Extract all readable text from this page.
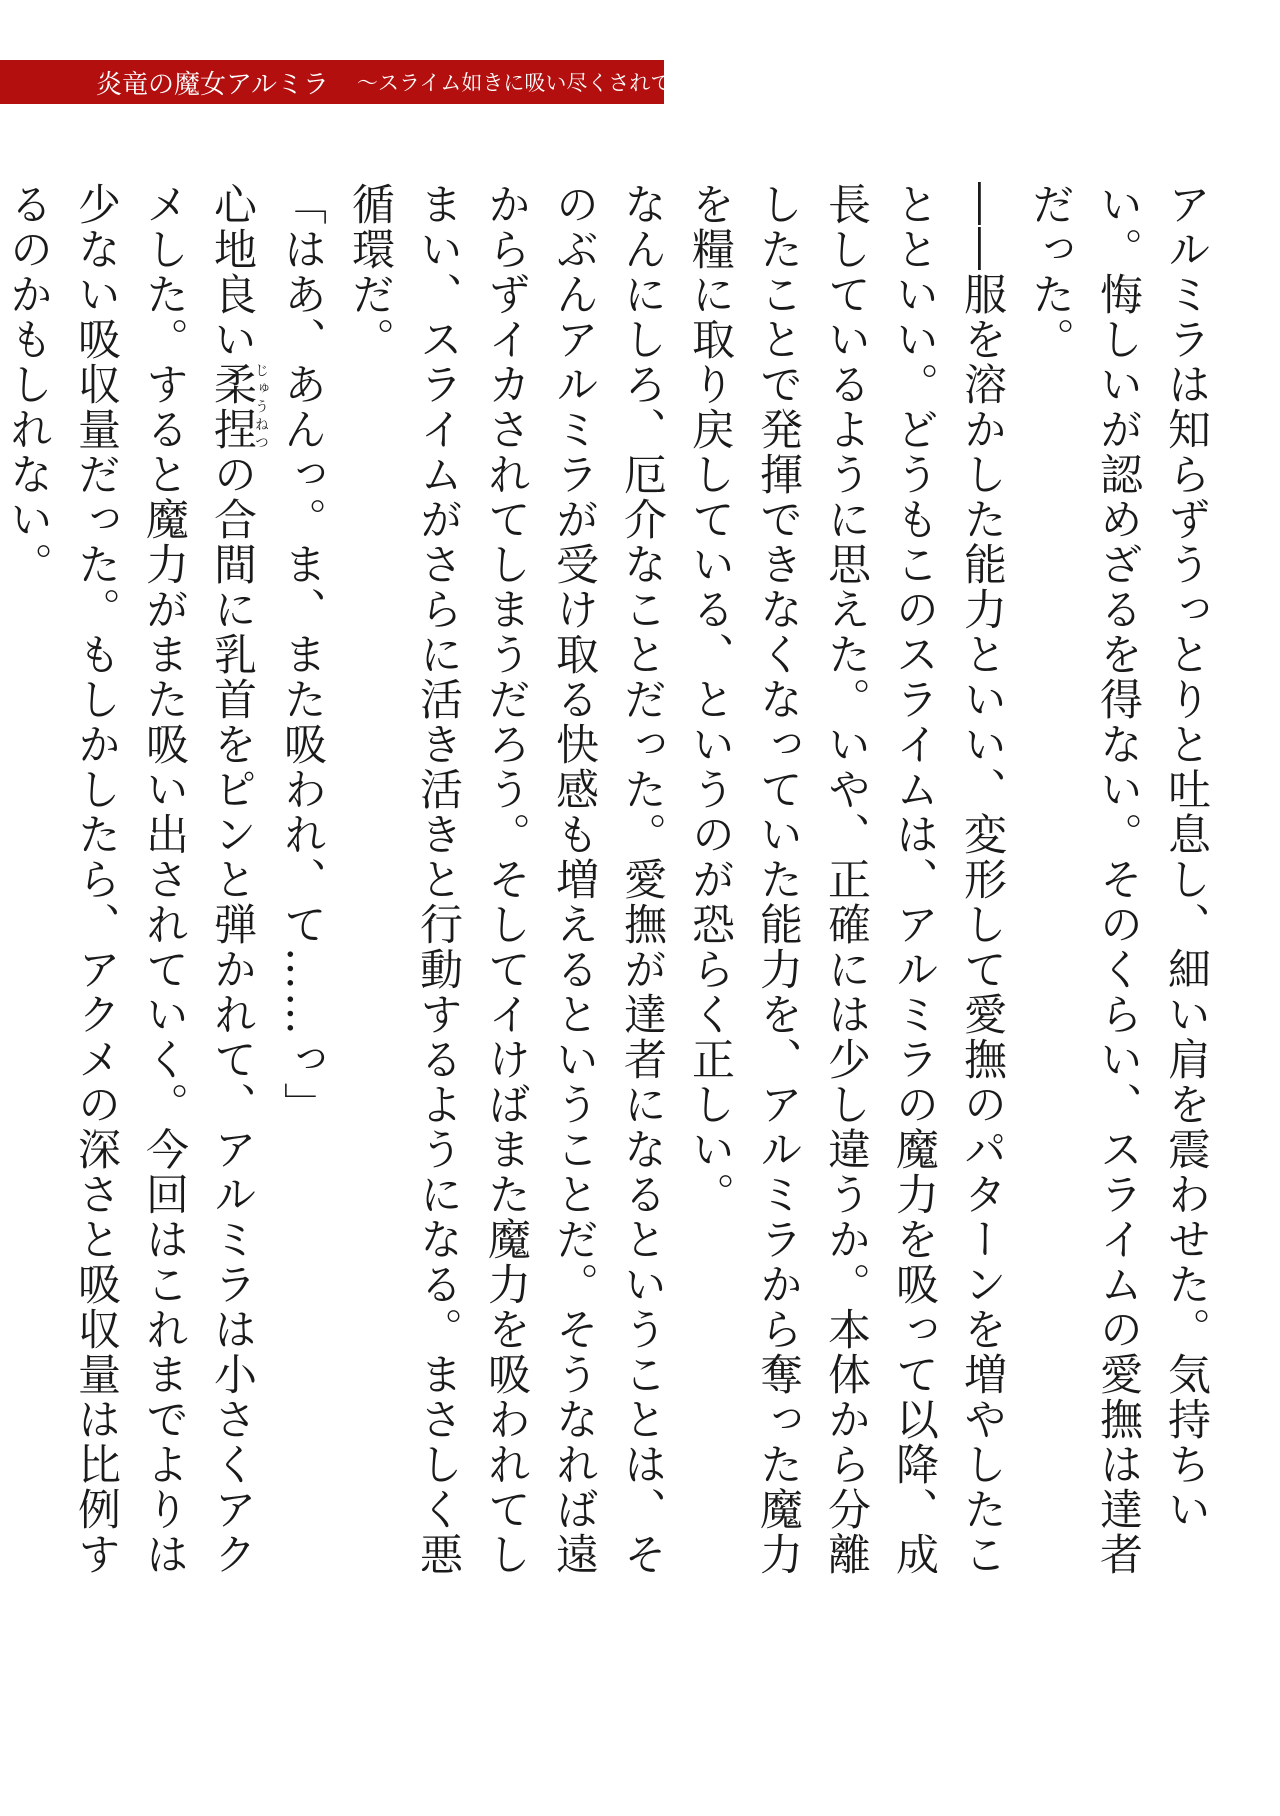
炎竜の魔女アルミラ ～スライム如きに吸い尽くされて～

アルミラは知らずうっとりと吐息し、細い肩を震わせた。気持ちいい。悔しいが認めざるを得ない。そのくらい、スライムの愛撫は達者だった。

――服を溶かした能力といい、変形して愛撫のパターンを増やしたことといい。どうもこのスライムは、アルミラの魔力を吸って以降、成長しているように思えた。いや、正確には少し違うか。本体から分離したことで発揮できなくなっていた能力を、アルミラから奪った魔力を糧に取り戻している、というのが恐らく正しい。

なんにしろ、厄介なことだった。愛撫が達者になるということは、そのぶんアルミラが受け取る快感も増えるということだ。そうなれば遠からずイカされてしまうだろう。そしてイけばまた魔力を吸われてしまい、スライムがさらに活き活きと行動するようになる。まさしく悪循環だ。

「はあ、あんっ。ま、また吸われ、て……っ」

心地良い柔捏じゅうねつの合間に乳首をピンと弾かれて、アルミラは小さくアクメした。すると魔力がまた吸い出されていく。今回はこれまでよりは少ない吸収量だった。もしかしたら、アクメの深さと吸収量は比例するのかもしれない。
